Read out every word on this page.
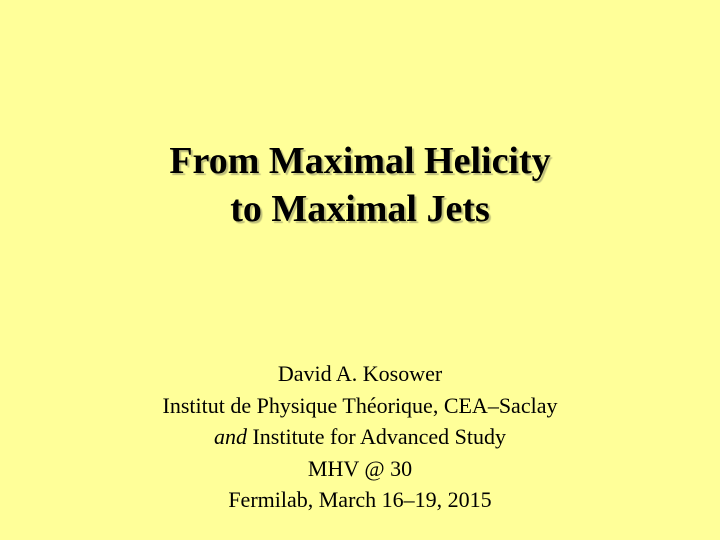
From Maximal Helicity
to Maximal Jets
David A. Kosower
Institut de Physique Théorique, CEA–Saclay
and Institute for Advanced Study
MHV @ 30
Fermilab, March 16–19, 2015
